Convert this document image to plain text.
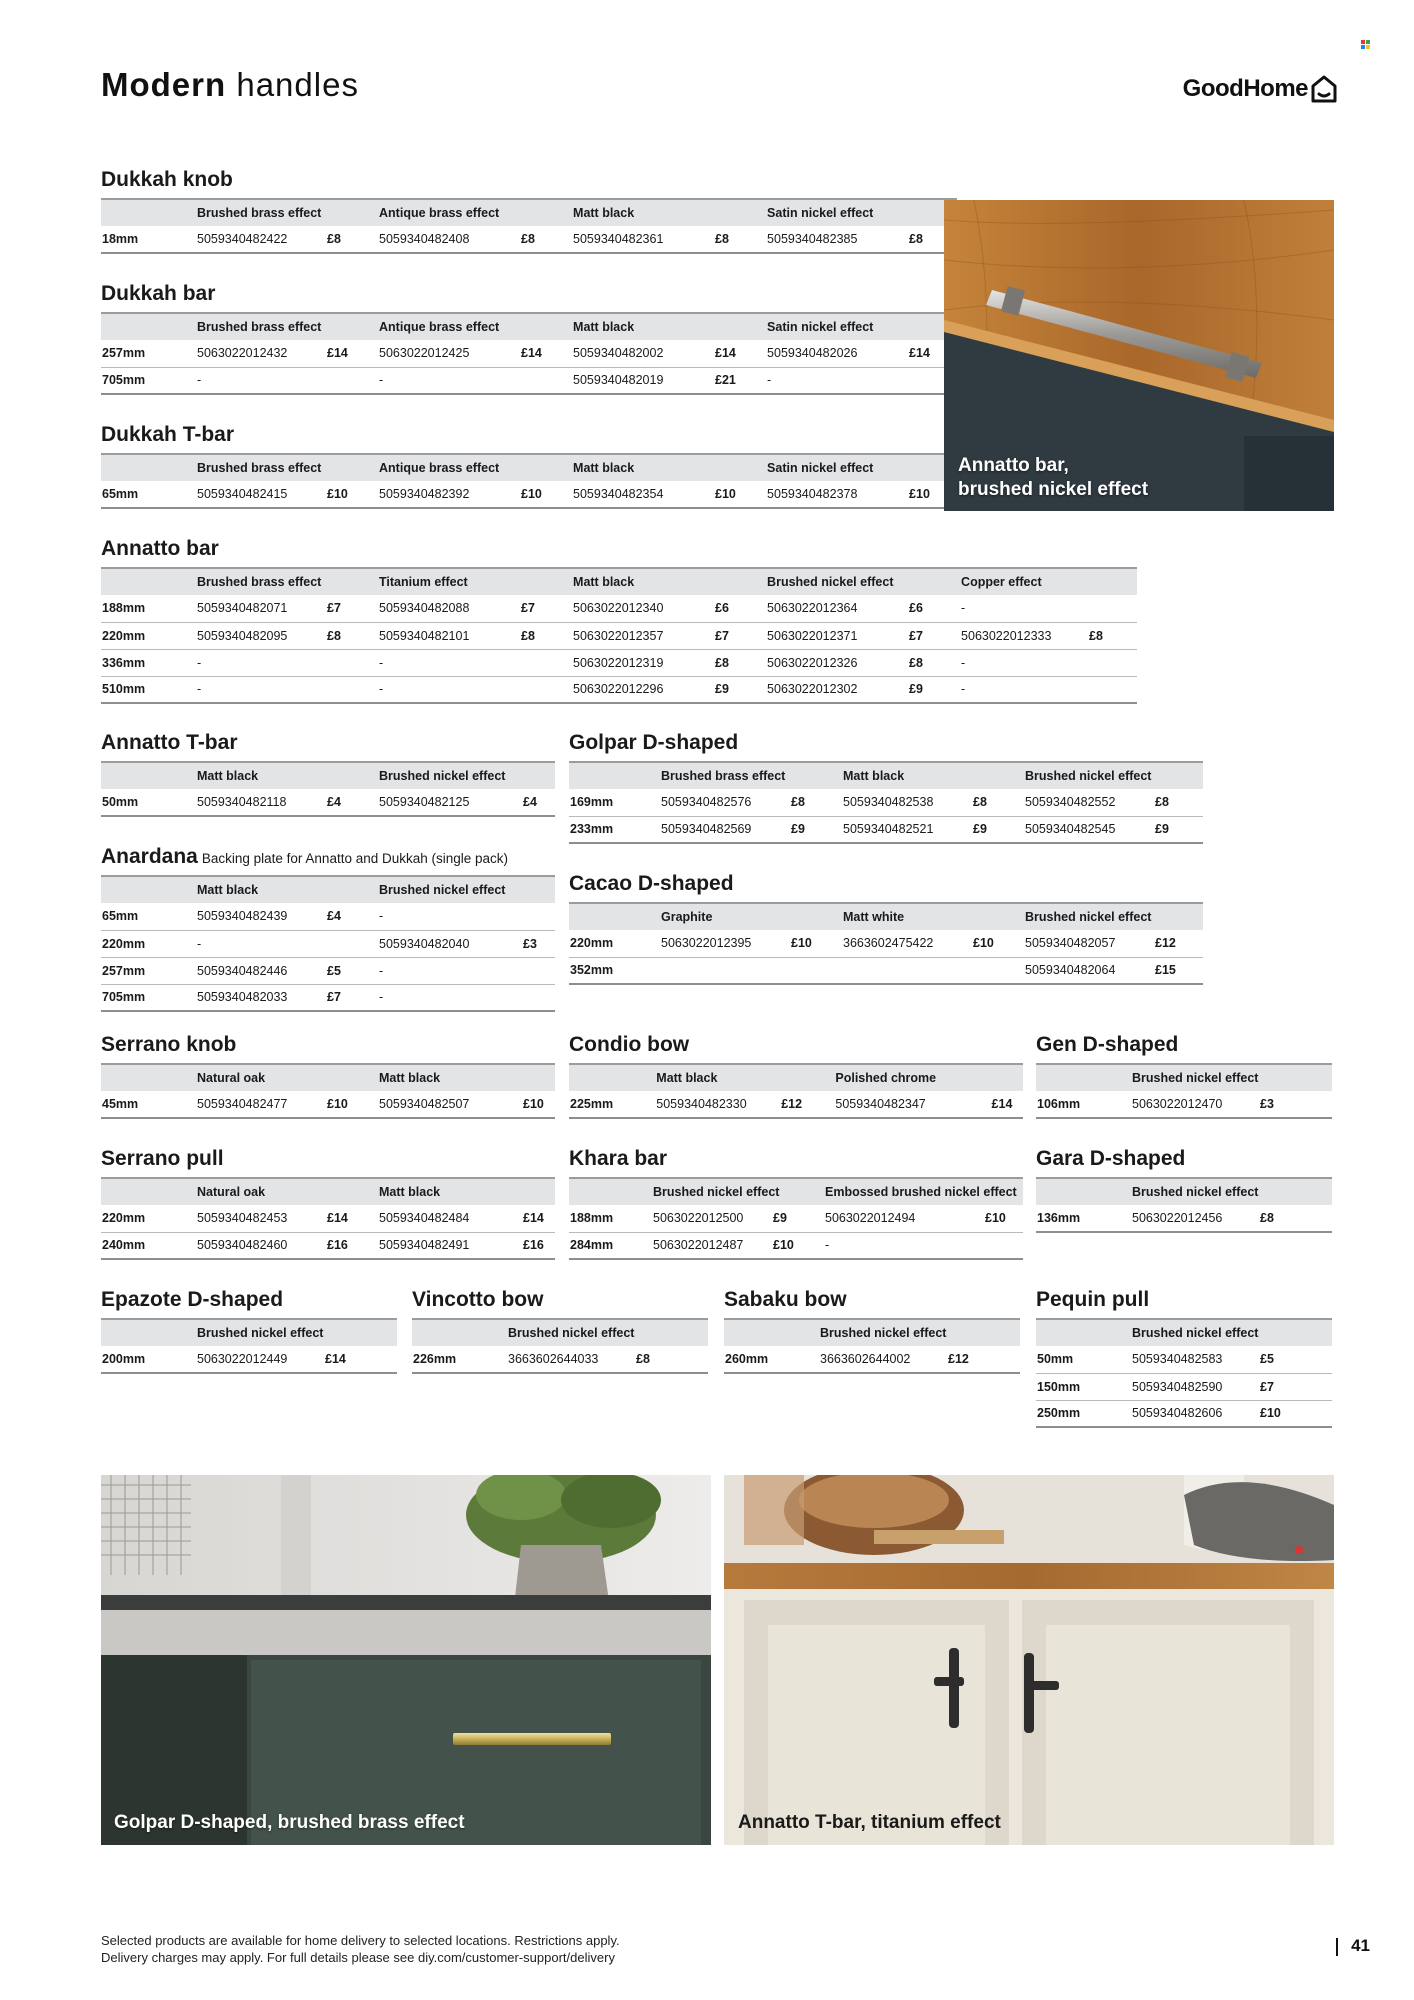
Modern handles	GoodHome
Dukkah knob
	Brushed brass effect		Antique brass effect		Matt black		Satin nickel effect	
18mm	5059340482422	£8	5059340482408	£8	5059340482361	£8	5059340482385	£8
Dukkah bar
	Brushed brass effect		Antique brass effect		Matt black		Satin nickel effect	
257mm	5063022012432	£14	5063022012425	£14	5059340482002	£14	5059340482026	£14
705mm	-		-		5059340482019	£21	-	
Dukkah T-bar
	Brushed brass effect		Antique brass effect		Matt black		Satin nickel effect	
65mm	5059340482415	£10	5059340482392	£10	5059340482354	£10	5059340482378	£10
Annatto bar
	Brushed brass effect		Titanium effect		Matt black		Brushed nickel effect		Copper effect	
188mm	5059340482071	£7	5059340482088	£7	5063022012340	£6	5063022012364	£6	-	
220mm	5059340482095	£8	5059340482101	£8	5063022012357	£7	5063022012371	£7	5063022012333	£8
336mm	-		-		5063022012319	£8	5063022012326	£8	-	
510mm	-		-		5063022012296	£9	5063022012302	£9	-	
Annatto T-bar
	Matt black		Brushed nickel effect	
50mm	5059340482118	£4	5059340482125	£4
Anardana Backing plate for Annatto and Dukkah (single pack)
	Matt black		Brushed nickel effect	
65mm	5059340482439	£4	-	
220mm	-		5059340482040	£3
257mm	5059340482446	£5	-	
705mm	5059340482033	£7	-	
Golpar D-shaped
	Brushed brass effect		Matt black		Brushed nickel effect	
169mm	5059340482576	£8	5059340482538	£8	5059340482552	£8
233mm	5059340482569	£9	5059340482521	£9	5059340482545	£9
Cacao D-shaped
	Graphite		Matt white		Brushed nickel effect	
220mm	5063022012395	£10	3663602475422	£10	5059340482057	£12
352mm					5059340482064	£15
Serrano knob
	Natural oak		Matt black	
45mm	5059340482477	£10	5059340482507	£10
Condio bow
	Matt black		Polished chrome	
225mm	5059340482330	£12	5059340482347	£14
Gen D-shaped
	Brushed nickel effect	
106mm	5063022012470	£3
Serrano pull
	Natural oak		Matt black	
220mm	5059340482453	£14	5059340482484	£14
240mm	5059340482460	£16	5059340482491	£16
Khara bar
	Brushed nickel effect		Embossed brushed nickel effect	
188mm	5063022012500	£9	5063022012494	£10
284mm	5063022012487	£10	-	
Gara D-shaped
	Brushed nickel effect	
136mm	5063022012456	£8
Epazote D-shaped
	Brushed nickel effect	
200mm	5063022012449	£14
Vincotto bow
	Brushed nickel effect	
226mm	3663602644033	£8
Sabaku bow
	Brushed nickel effect	
260mm	3663602644002	£12
Pequin pull
	Brushed nickel effect	
50mm	5059340482583	£5
150mm	5059340482590	£7
250mm	5059340482606	£10
Annatto bar,
brushed nickel effect
Golpar D-shaped, brushed brass effect	Annatto T-bar, titanium effect
Selected products are available for home delivery to selected locations. Restrictions apply.
Delivery charges may apply. For full details please see diy.com/customer-support/delivery
41
